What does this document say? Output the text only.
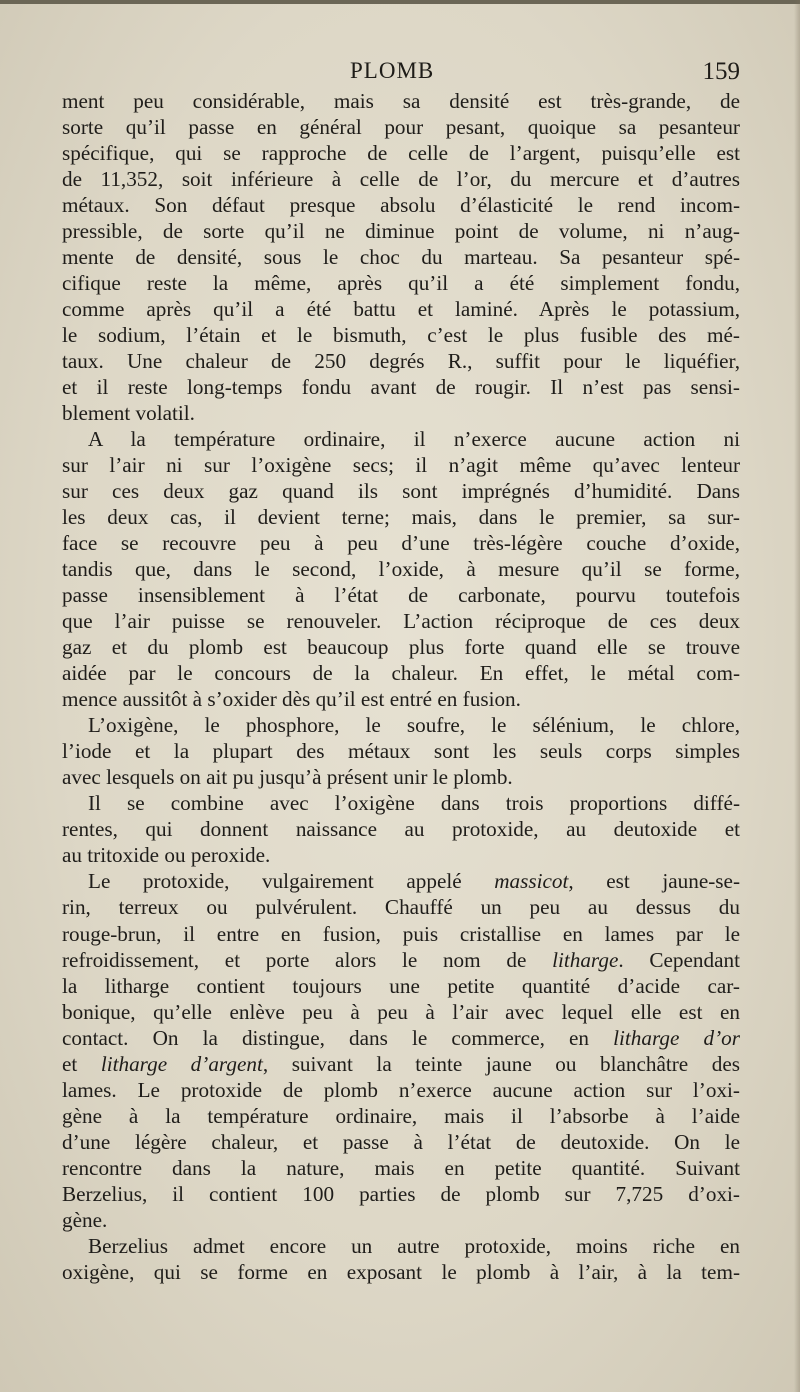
PLOMB	159
ment peu considérable, mais sa densité est très-grande, de
sorte qu’il passe en général pour pesant, quoique sa pesanteur
spécifique, qui se rapproche de celle de l’argent, puisqu’elle est
de 11,352, soit inférieure à celle de l’or, du mercure et d’autres
métaux. Son défaut presque absolu d’élasticité le rend incom-
pressible, de sorte qu’il ne diminue point de volume, ni n’aug-
mente de densité, sous le choc du marteau. Sa pesanteur spé-
cifique reste la même, après qu’il a été simplement fondu,
comme après qu’il a été battu et laminé. Après le potassium,
le sodium, l’étain et le bismuth, c’est le plus fusible des mé-
taux. Une chaleur de 250 degrés R., suffit pour le liquéfier,
et il reste long-temps fondu avant de rougir. Il n’est pas sensi-
blement volatil.
A la température ordinaire, il n’exerce aucune action ni
sur l’air ni sur l’oxigène secs; il n’agit même qu’avec lenteur
sur ces deux gaz quand ils sont imprégnés d’humidité. Dans
les deux cas, il devient terne; mais, dans le premier, sa sur-
face se recouvre peu à peu d’une très-légère couche d’oxide,
tandis que, dans le second, l’oxide, à mesure qu’il se forme,
passe insensiblement à l’état de carbonate, pourvu toutefois
que l’air puisse se renouveler. L’action réciproque de ces deux
gaz et du plomb est beaucoup plus forte quand elle se trouve
aidée par le concours de la chaleur. En effet, le métal com-
mence aussitôt à s’oxider dès qu’il est entré en fusion.
L’oxigène, le phosphore, le soufre, le sélénium, le chlore,
l’iode et la plupart des métaux sont les seuls corps simples
avec lesquels on ait pu jusqu’à présent unir le plomb.
Il se combine avec l’oxigène dans trois proportions diffé-
rentes, qui donnent naissance au protoxide, au deutoxide et
au tritoxide ou peroxide.
Le protoxide, vulgairement appelé massicot, est jaune-se-
rin, terreux ou pulvérulent. Chauffé un peu au dessus du
rouge-brun, il entre en fusion, puis cristallise en lames par le
refroidissement, et porte alors le nom de litharge. Cependant
la litharge contient toujours une petite quantité d’acide car-
bonique, qu’elle enlève peu à peu à l’air avec lequel elle est en
contact. On la distingue, dans le commerce, en litharge d’or
et litharge d’argent, suivant la teinte jaune ou blanchâtre des
lames. Le protoxide de plomb n’exerce aucune action sur l’oxi-
gène à la température ordinaire, mais il l’absorbe à l’aide
d’une légère chaleur, et passe à l’état de deutoxide. On le
rencontre dans la nature, mais en petite quantité. Suivant
Berzelius, il contient 100 parties de plomb sur 7,725 d’oxi-
gène.
Berzelius admet encore un autre protoxide, moins riche en
oxigène, qui se forme en exposant le plomb à l’air, à la tem-
